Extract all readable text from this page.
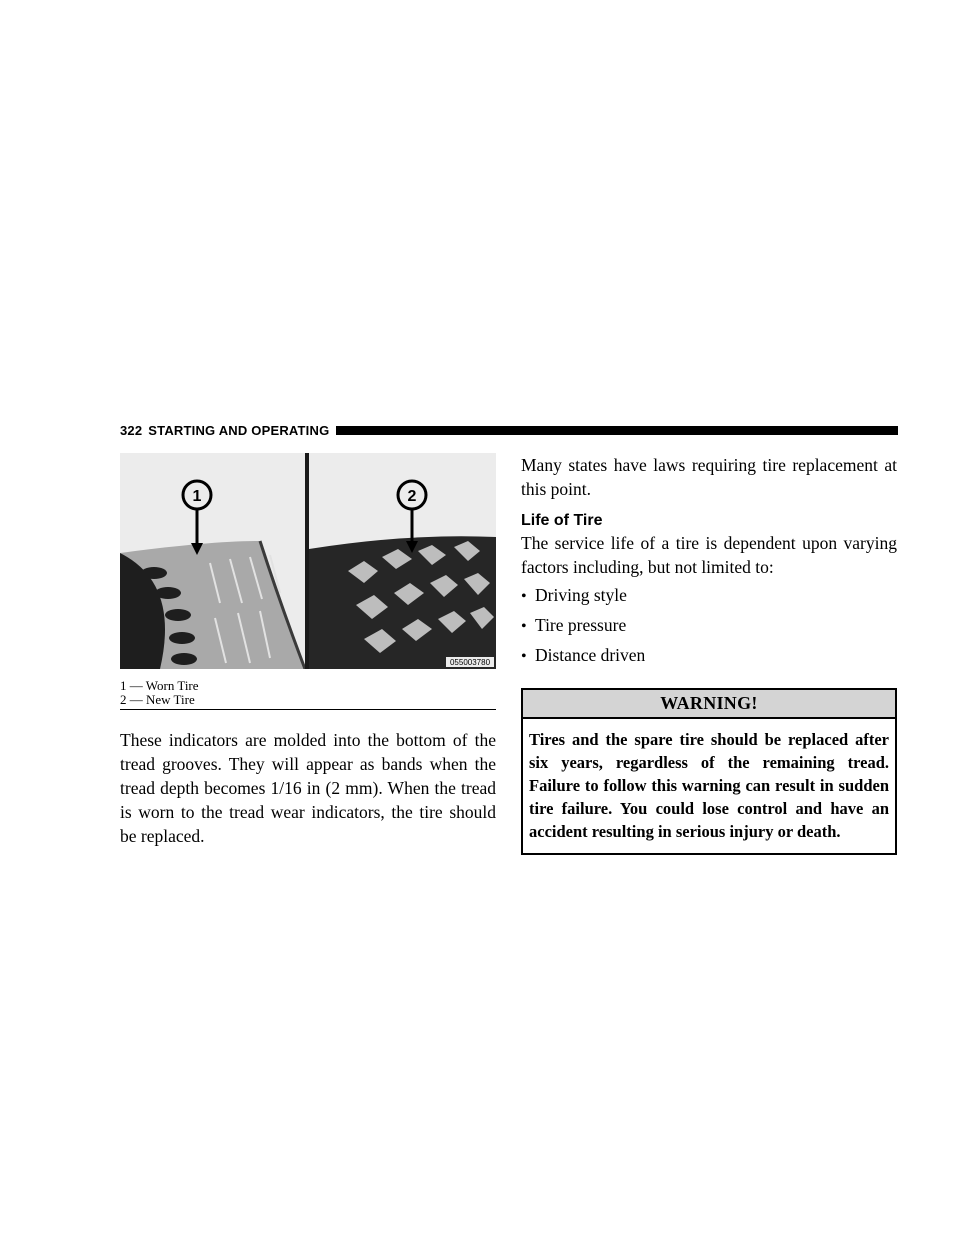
322 STARTING AND OPERATING
1	2
055003780
1 — Worn Tire
2 — New Tire

These indicators are molded into the bottom of the tread grooves. They will appear as bands when the tread depth becomes 1/16 in (2 mm). When the tread is worn to the tread wear indicators, the tire should be replaced.

Many states have laws requiring tire replacement at this point.

Life of Tire

The service life of a tire is dependent upon varying factors including, but not limited to:

• Driving style
• Tire pressure
• Distance driven
WARNING!
Tires and the spare tire should be replaced after six years, regardless of the remaining tread. Failure to follow this warning can result in sudden tire failure. You could lose control and have an accident resulting in serious injury or death.
